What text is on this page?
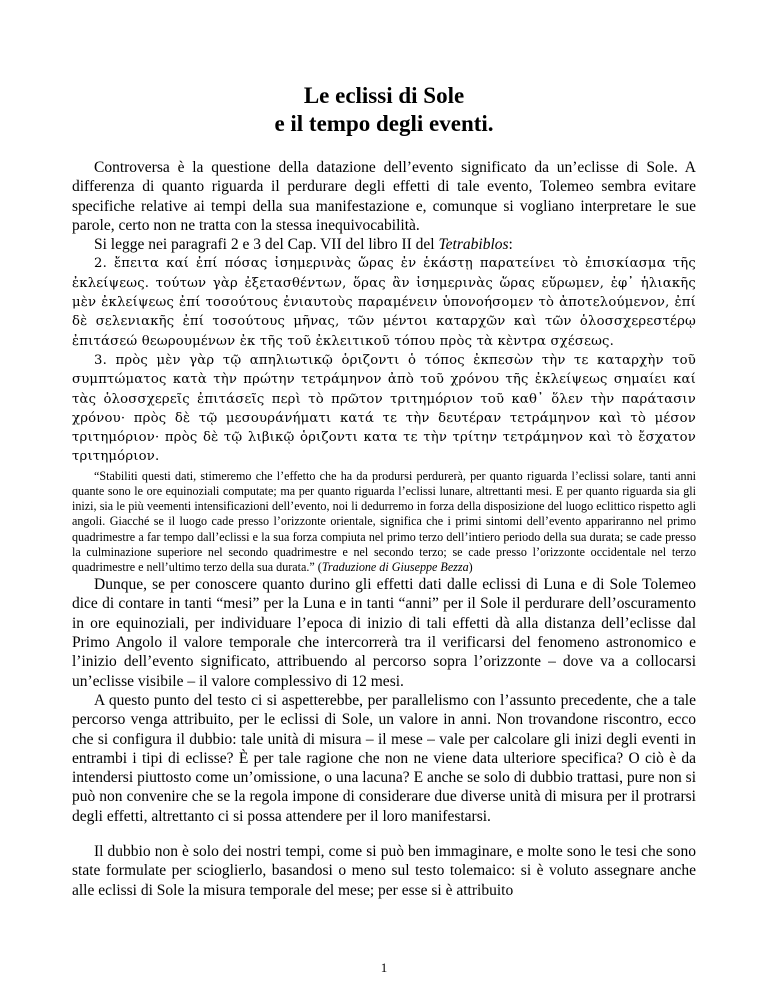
Le eclissi di Sole
e il tempo degli eventi.

Controversa è la questione della datazione dell’evento significato da un’eclisse di Sole. A differenza di quanto riguarda il perdurare degli effetti di tale evento, Tolemeo sembra evitare specifiche relative ai tempi della sua manifestazione e, comunque si vogliano interpretare le sue parole, certo non ne tratta con la stessa inequivocabilità.

Si legge nei paragrafi 2 e 3 del Cap. VII del libro II del Tetrabiblos:

2. ἔπειτα καί ἐπί πόσας ἰσημερινὰς ὥρας ἐν ἑκάστῃ παρατείνει τὸ ἐπισκίασμα τῆς ἐκλείψεως. τούτων γὰρ ἐξετασθέντων, ὅρας ἂν ἰσημερινὰς ὥρας εὕρωμεν, ἐφ᾽ ἡλιακῆς μὲν ἐκλείψεως ἐπί τοσούτους ἐνιαυτοὺς παραμένειν ὑπονοήσομεν τὸ ἀποτελούμενον, ἐπί δὲ σελενιακῆς ἐπί τοσούτους μῆνας, τῶν μέντοι καταρχῶν καὶ τῶν ὁλοσσχερεστέρῳ ἐπιτάσεώ θεωρουμένων ἐκ τῆς τοῦ ἐκλειτικοῦ τόπου πρὸς τὰ κὲντρα σχέσεως.

3. πρὸς μὲν γὰρ τῷ απηλιωτικῷ ὁριζοντι ὁ τόπος ἐκπεσὼν τὴν τε καταρχὴν τοῦ συμπτώματος κατὰ τὴν πρώτην τετράμηνον ἀπὸ τοῦ χρόνου τῆς ἐκλείψεως σημαίει καί τὰς ὁλοσσχερεῖς ἐπιτάσεῖς περὶ τὸ πρῶτον τριτημόριον τοῦ καθ᾽ ὅλεν τὴν παράτασιν χρόνου· πρὸς δὲ τῷ μεσουράνήματι κατά τε τὴν δευτέραν τετράμηνον καὶ τὸ μέσον τριτημόριον· πρὸς δὲ τῷ λιβικῷ ὁριζοντι κατα τε τὴν τρίτην τετράμηνον καὶ τὸ ἔσχατον τριτημόριον.

“Stabiliti questi dati, stimeremo che l’effetto che ha da prodursi perdurerà, per quanto riguarda l’eclissi solare, tanti anni quante sono le ore equinoziali computate; ma per quanto riguarda l’eclissi lunare, altrettanti mesi. E per quanto riguarda sia gli inizi, sia le più veementi intensificazioni dell’evento, noi li dedurremo in forza della disposizione del luogo eclittico rispetto agli angoli. Giacché se il luogo cade presso l’orizzonte orientale, significa che i primi sintomi dell’evento appariranno nel primo quadrimestre a far tempo dall’eclissi e la sua forza compiuta nel primo terzo dell’intiero periodo della sua durata; se cade presso la culminazione superiore nel secondo quadrimestre e nel secondo terzo; se cade presso l’orizzonte occidentale nel terzo quadrimestre e nell’ultimo terzo della sua durata.” (Traduzione di Giuseppe Bezza)

Dunque, se per conoscere quanto durino gli effetti dati dalle eclissi di Luna e di Sole Tolemeo dice di contare in tanti “mesi” per la Luna e in tanti “anni” per il Sole il perdurare dell’oscuramento in ore equinoziali, per individuare l’epoca di inizio di tali effetti dà alla distanza dell’eclisse dal Primo Angolo il valore temporale che intercorrerà tra il verificarsi del fenomeno astronomico e l’inizio dell’evento significato, attribuendo al percorso sopra l’orizzonte – dove va a collocarsi un’eclisse visibile – il valore complessivo di 12 mesi.

A questo punto del testo ci si aspetterebbe, per parallelismo con l’assunto precedente, che a tale percorso venga attribuito, per le eclissi di Sole, un valore in anni. Non trovandone riscontro, ecco che si configura il dubbio: tale unità di misura – il mese – vale per calcolare gli inizi degli eventi in entrambi i tipi di eclisse? È per tale ragione che non ne viene data ulteriore specifica? O ciò è da intendersi piuttosto come un’omissione, o una lacuna? E anche se solo di dubbio trattasi, pure non si può non convenire che se la regola impone di considerare due diverse unità di misura per il protrarsi degli effetti, altrettanto ci si possa attendere per il loro manifestarsi.

Il dubbio non è solo dei nostri tempi, come si può ben immaginare, e molte sono le tesi che sono state formulate per scioglierlo, basandosi o meno sul testo tolemaico: si è voluto assegnare anche alle eclissi di Sole la misura temporale del mese; per esse si è attribuito

1
